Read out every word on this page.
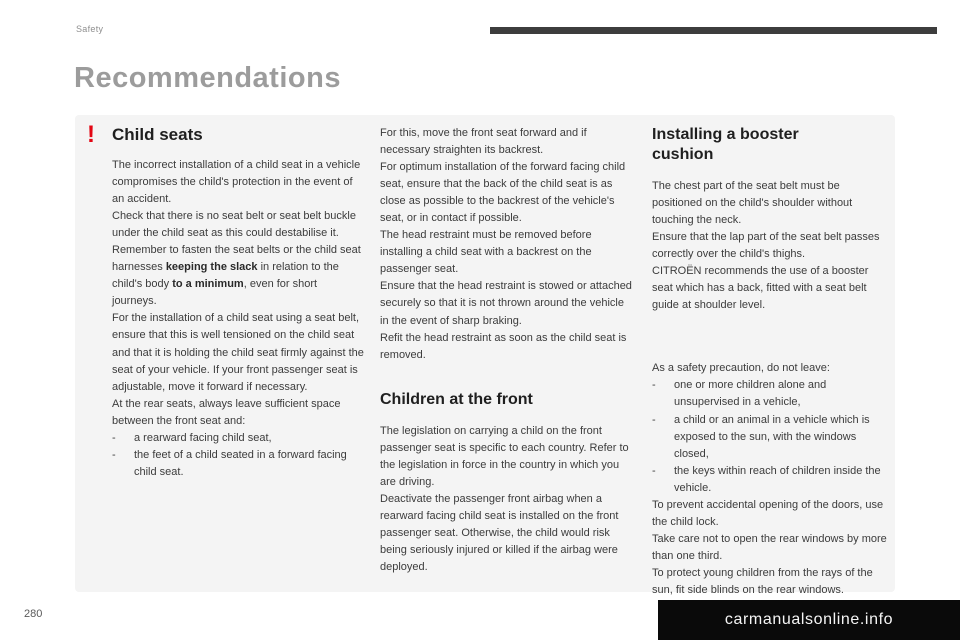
Safety
Recommendations
! Child seats

The incorrect installation of a child seat in a vehicle compromises the child's protection in the event of an accident.

Check that there is no seat belt or seat belt buckle under the child seat as this could destabilise it.

Remember to fasten the seat belts or the child seat harnesses keeping the slack in relation to the child's body to a minimum, even for short journeys.

For the installation of a child seat using a seat belt, ensure that this is well tensioned on the child seat and that it is holding the child seat firmly against the seat of your vehicle. If your front passenger seat is adjustable, move it forward if necessary.

At the rear seats, always leave sufficient space between the front seat and:

-	a rearward facing child seat,
-	the feet of a child seated in a forward facing child seat.

For this, move the front seat forward and if necessary straighten its backrest.

For optimum installation of the forward facing child seat, ensure that the back of the child seat is as close as possible to the backrest of the vehicle's seat, or in contact if possible.

The head restraint must be removed before installing a child seat with a backrest on the passenger seat.

Ensure that the head restraint is stowed or attached securely so that it is not thrown around the vehicle in the event of sharp braking.

Refit the head restraint as soon as the child seat is removed.

Children at the front

The legislation on carrying a child on the front passenger seat is specific to each country. Refer to the legislation in force in the country in which you are driving.

Deactivate the passenger front airbag when a rearward facing child seat is installed on the front passenger seat. Otherwise, the child would risk being seriously injured or killed if the airbag were deployed.

Installing a booster cushion

The chest part of the seat belt must be positioned on the child's shoulder without touching the neck.

Ensure that the lap part of the seat belt passes correctly over the child's thighs.

CITROËN recommends the use of a booster seat which has a back, fitted with a seat belt guide at shoulder level.

As a safety precaution, do not leave:

-	one or more children alone and unsupervised in a vehicle,
-	a child or an animal in a vehicle which is exposed to the sun, with the windows closed,
-	the keys within reach of children inside the vehicle.

To prevent accidental opening of the doors, use the child lock.

Take care not to open the rear windows by more than one third.

To protect young children from the rays of the sun, fit side blinds on the rear windows.

280	carmanualsonline.info
